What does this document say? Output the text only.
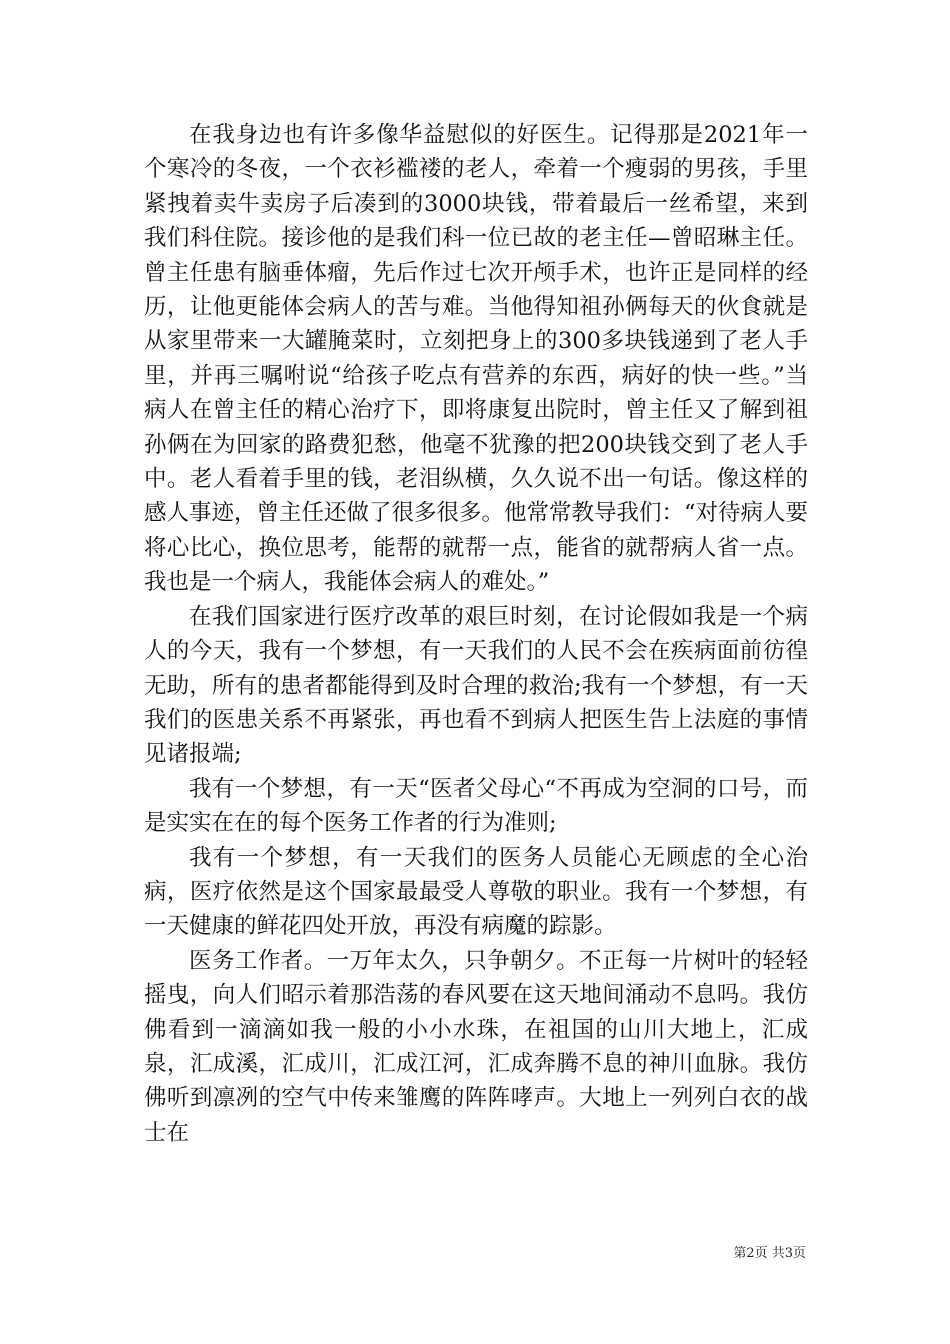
在我身边也有许多像华益慰似的好医生。记得那是2021年一个寒冷的冬夜，一个衣衫褴褛的老人，牵着一个瘦弱的男孩，手里紧拽着卖牛卖房子后凑到的3000块钱，带着最后一丝希望，来到我们科住院。接诊他的是我们科一位已故的老主任—曾昭琳主任。曾主任患有脑垂体瘤，先后作过七次开颅手术，也许正是同样的经历，让他更能体会病人的苦与难。当他得知祖孙俩每天的伙食就是从家里带来一大罐腌菜时，立刻把身上的300多块钱递到了老人手里，并再三嘱咐说“给孩子吃点有营养的东西，病好的快一些。”当病人在曾主任的精心治疗下，即将康复出院时，曾主任又了解到祖孙俩在为回家的路费犯愁，他毫不犹豫的把200块钱交到了老人手中。老人看着手里的钱，老泪纵横，久久说不出一句话。像这样的感人事迹，曾主任还做了很多很多。他常常教导我们：“对待病人要将心比心，换位思考，能帮的就帮一点，能省的就帮病人省一点。我也是一个病人，我能体会病人的难处。”

在我们国家进行医疗改革的艰巨时刻，在讨论假如我是一个病人的今天，我有一个梦想，有一天我们的人民不会在疾病面前彷徨无助，所有的患者都能得到及时合理的救治;我有一个梦想，有一天我们的医患关系不再紧张，再也看不到病人把医生告上法庭的事情见诸报端;

我有一个梦想，有一天“医者父母心“不再成为空洞的口号，而是实实在在的每个医务工作者的行为准则;

我有一个梦想，有一天我们的医务人员能心无顾虑的全心治病，医疗依然是这个国家最最受人尊敬的职业。我有一个梦想，有一天健康的鲜花四处开放，再没有病魔的踪影。

医务工作者。一万年太久，只争朝夕。不正每一片树叶的轻轻摇曳，向人们昭示着那浩荡的春风要在这天地间涌动不息吗。我仿佛看到一滴滴如我一般的小小水珠，在祖国的山川大地上，汇成泉，汇成溪，汇成川，汇成江河，汇成奔腾不息的神川血脉。我仿佛听到凛冽的空气中传来雏鹰的阵阵哮声。大地上一列列白衣的战士在

第2页 共3页
